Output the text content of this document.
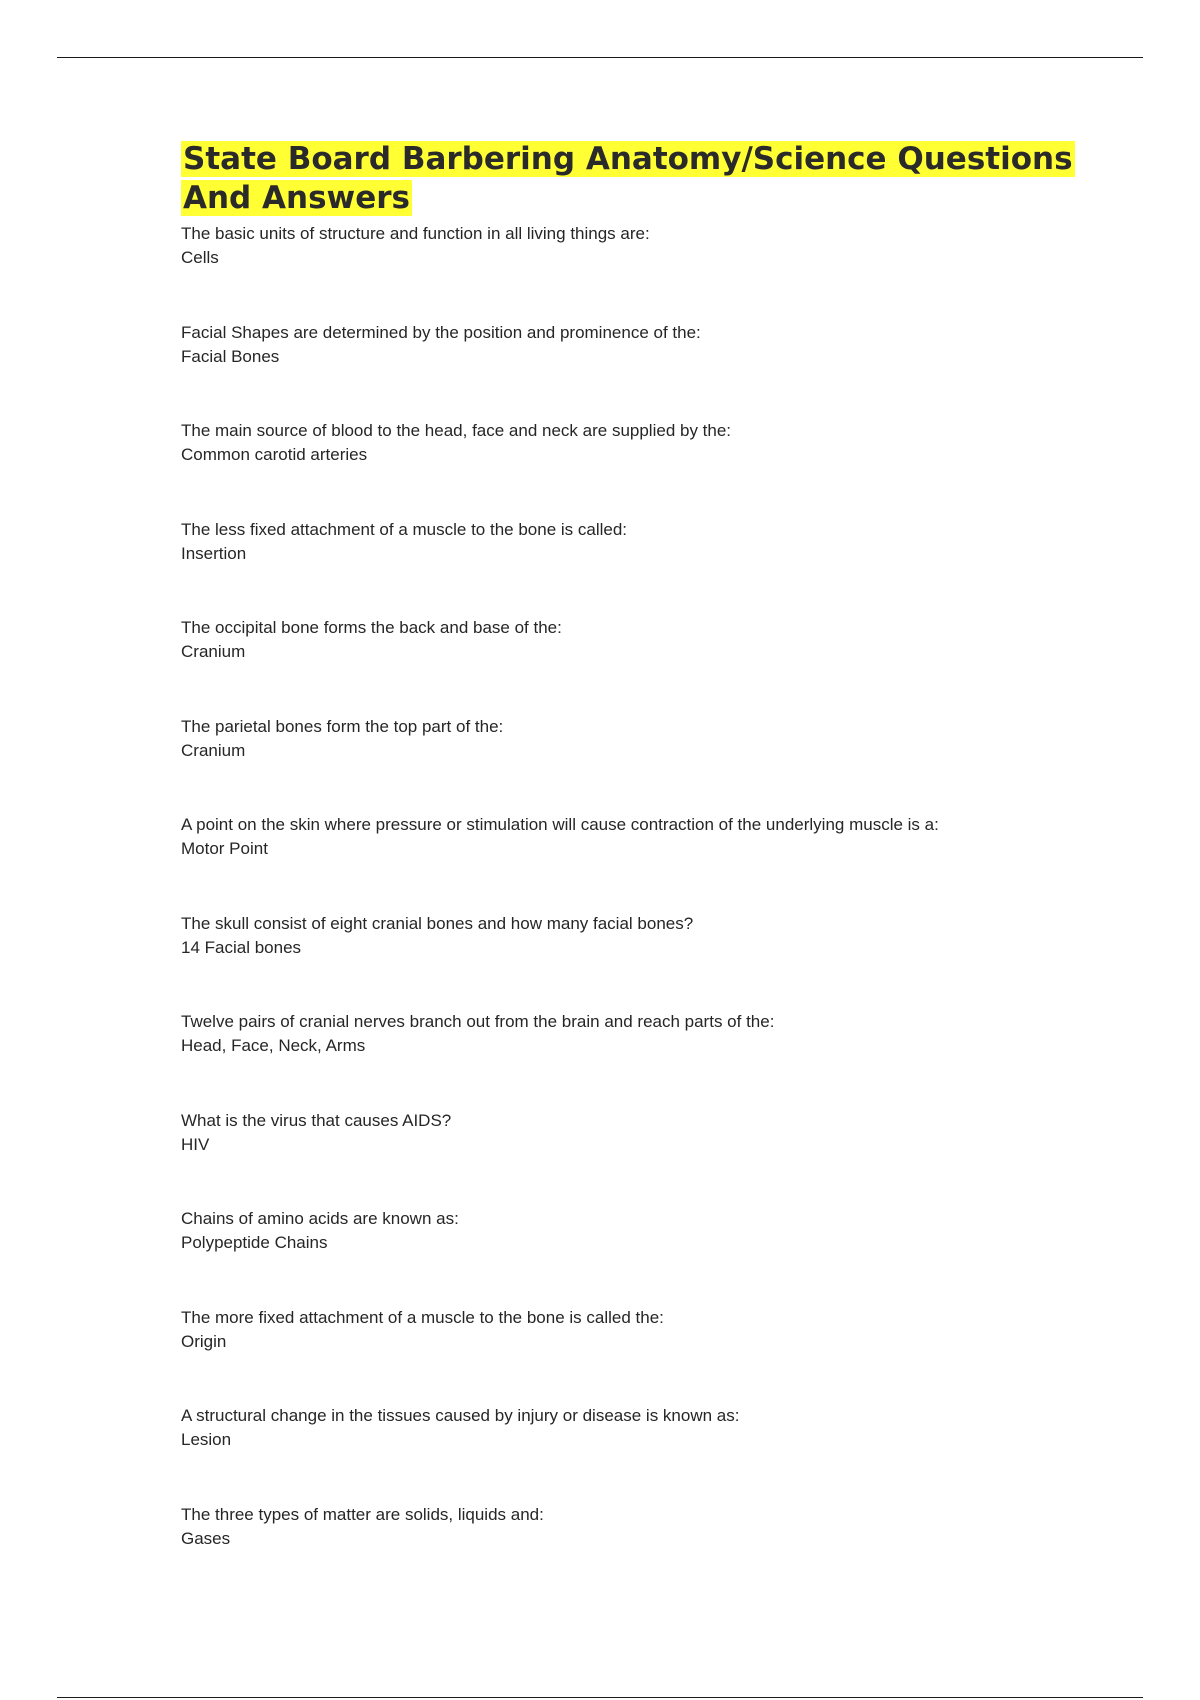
State Board Barbering Anatomy/Science Questions And Answers

The basic units of structure and function in all living things are:

Cells

Facial Shapes are determined by the position and prominence of the:

Facial Bones

The main source of blood to the head, face and neck are supplied by the:

Common carotid arteries

The less fixed attachment of a muscle to the bone is called:

Insertion

The occipital bone forms the back and base of the:

Cranium

The parietal bones form the top part of the:

Cranium

A point on the skin where pressure or stimulation will cause contraction of the underlying muscle is a:

Motor Point

The skull consist of eight cranial bones and how many facial bones?

14 Facial bones

Twelve pairs of cranial nerves branch out from the brain and reach parts of the:

Head, Face, Neck, Arms

What is the virus that causes AIDS?

HIV

Chains of amino acids are known as:

Polypeptide Chains

The more fixed attachment of a muscle to the bone is called the:

Origin

A structural change in the tissues caused by injury or disease is known as:

Lesion

The three types of matter are solids, liquids and:

Gases
